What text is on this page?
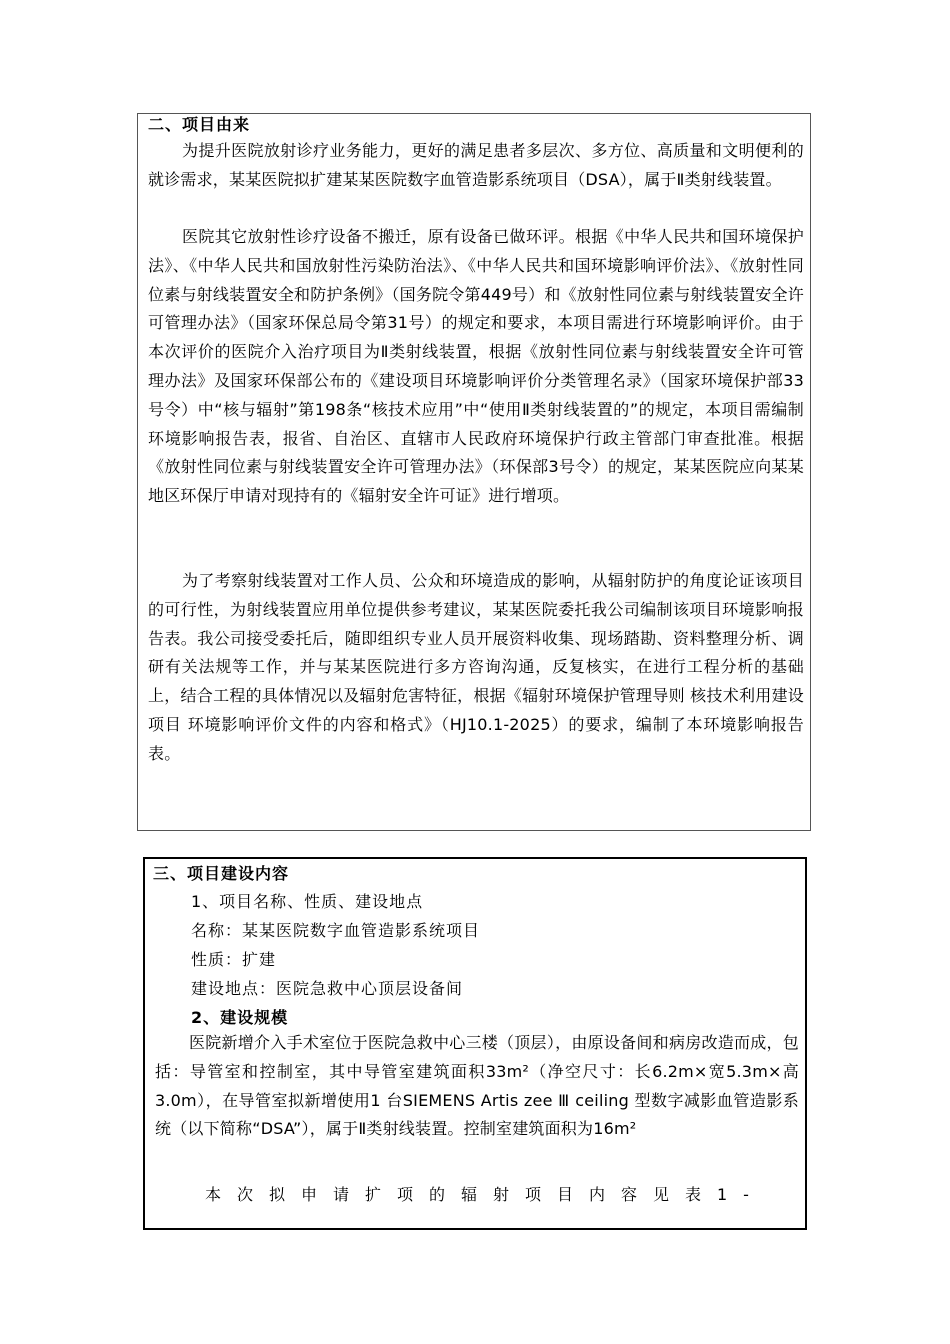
二、项目由来

为提升医院放射诊疗业务能力，更好的满足患者多层次、多方位、高质量和文明便利的就诊需求，某某医院拟扩建某某医院数字血管造影系统项目（DSA），属于Ⅱ类射线装置。

医院其它放射性诊疗设备不搬迁，原有设备已做环评。根据《中华人民共和国环境保护法》、《中华人民共和国放射性污染防治法》、《中华人民共和国环境影响评价法》、《放射性同位素与射线装置安全和防护条例》（国务院令第449号）和《放射性同位素与射线装置安全许可管理办法》（国家环保总局令第31号）的规定和要求，本项目需进行环境影响评价。由于本次评价的医院介入治疗项目为Ⅱ类射线装置，根据《放射性同位素与射线装置安全许可管理办法》及国家环保部公布的《建设项目环境影响评价分类管理名录》（国家环境保护部33号令）中“核与辐射”第198条“核技术应用”中“使用Ⅱ类射线装置的”的规定，本项目需编制环境影响报告表，报省、自治区、直辖市人民政府环境保护行政主管部门审查批准。根据《放射性同位素与射线装置安全许可管理办法》（环保部3号令）的规定，某某医院应向某某地区环保厅申请对现持有的《辐射安全许可证》进行增项。

为了考察射线装置对工作人员、公众和环境造成的影响，从辐射防护的角度论证该项目的可行性，为射线装置应用单位提供参考建议，某某医院委托我公司编制该项目环境影响报告表。我公司接受委托后，随即组织专业人员开展资料收集、现场踏勘、资料整理分析、调研有关法规等工作，并与某某医院进行多方咨询沟通，反复核实，在进行工程分析的基础上，结合工程的具体情况以及辐射危害特征，根据《辐射环境保护管理导则 核技术利用建设项目 环境影响评价文件的内容和格式》（HJ10.1-2025）的要求，编制了本环境影响报告表。

三、项目建设内容
1、项目名称、性质、建设地点
名称：某某医院数字血管造影系统项目
性质：扩建
建设地点：医院急救中心顶层设备间
2、建设规模

医院新增介入手术室位于医院急救中心三楼（顶层），由原设备间和病房改造而成，包括：导管室和控制室，其中导管室建筑面积33m²（净空尺寸：长6.2m×宽5.3m×高3.0m），在导管室拟新增使用1 台SIEMENS Artis zee Ⅲ ceiling 型数字减影血管造影系统（以下简称“DSA”），属于Ⅱ类射线装置。控制室建筑面积为16m²

本次拟申请扩项的辐射项目内容见表1-
